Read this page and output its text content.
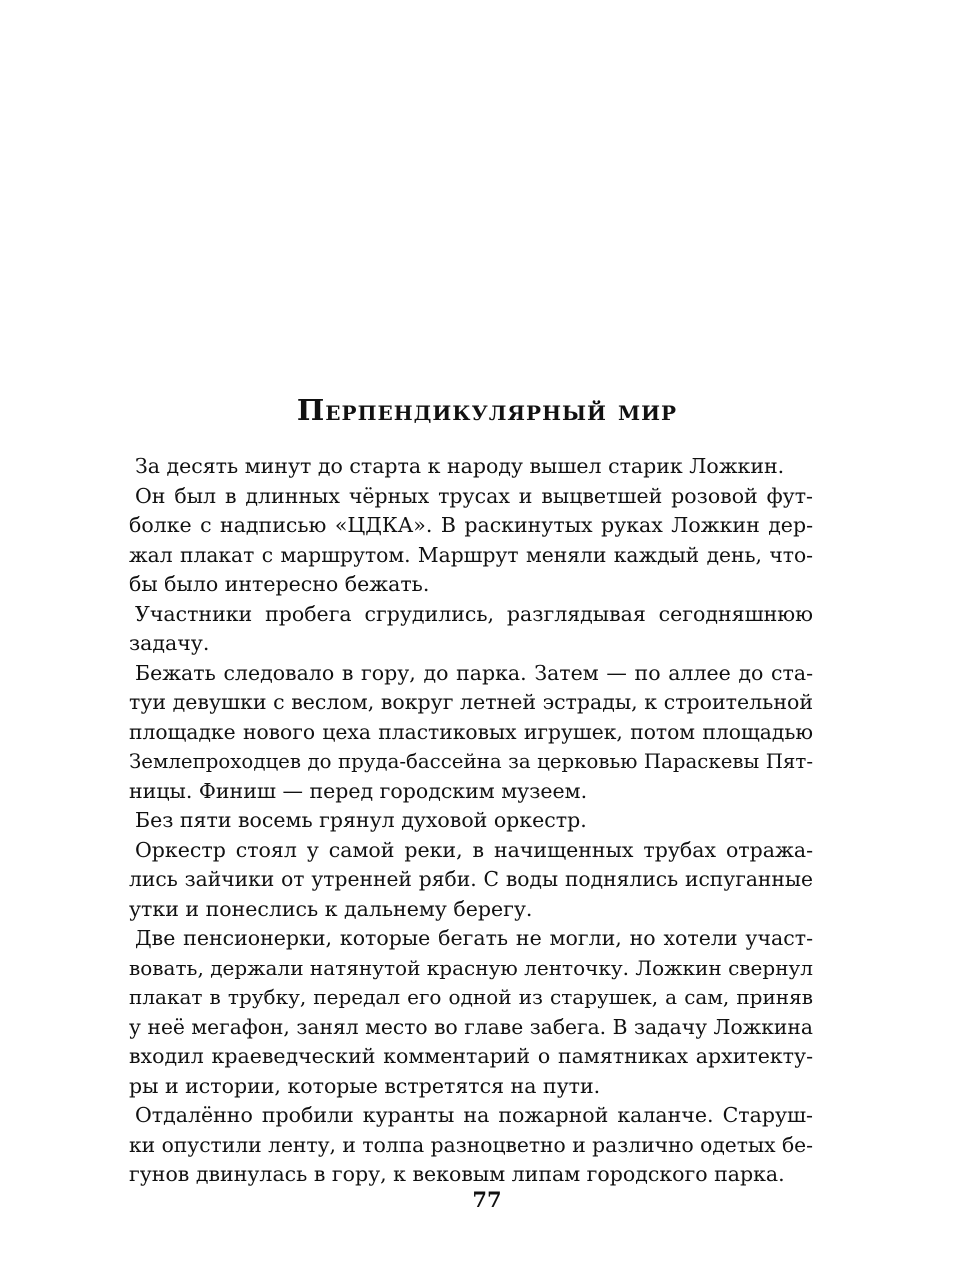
Перпендикулярный мир
За десять минут до старта к народу вышел старик Ложкин.
Он был в длинных чёрных трусах и выцветшей розовой фут-
болке с надписью «ЦДКА». В раскинутых руках Ложкин дер-
жал плакат с маршрутом. Маршрут меняли каждый день, что-
бы было интересно бежать.
Участники пробега сгрудились, разглядывая сегодняшнюю
задачу.
Бежать следовало в гору, до парка. Затем — по аллее до ста-
туи девушки с веслом, вокруг летней эстрады, к строительной
площадке нового цеха пластиковых игрушек, потом площадью
Землепроходцев до пруда-бассейна за церковью Параскевы Пят-
ницы. Финиш — перед городским музеем.
Без пяти восемь грянул духовой оркестр.
Оркестр стоял у самой реки, в начищенных трубах отража-
лись зайчики от утренней ряби. С воды поднялись испуганные
утки и понеслись к дальнему берегу.
Две пенсионерки, которые бегать не могли, но хотели участ-
вовать, держали натянутой красную ленточку. Ложкин свернул
плакат в трубку, передал его одной из старушек, а сам, приняв
у неё мегафон, занял место во главе забега. В задачу Ложкина
входил краеведческий комментарий о памятниках архитекту-
ры и истории, которые встретятся на пути.
Отдалённо пробили куранты на пожарной каланче. Старуш-
ки опустили ленту, и толпа разноцветно и различно одетых бе-
гунов двинулась в гору, к вековым липам городского парка.
77
